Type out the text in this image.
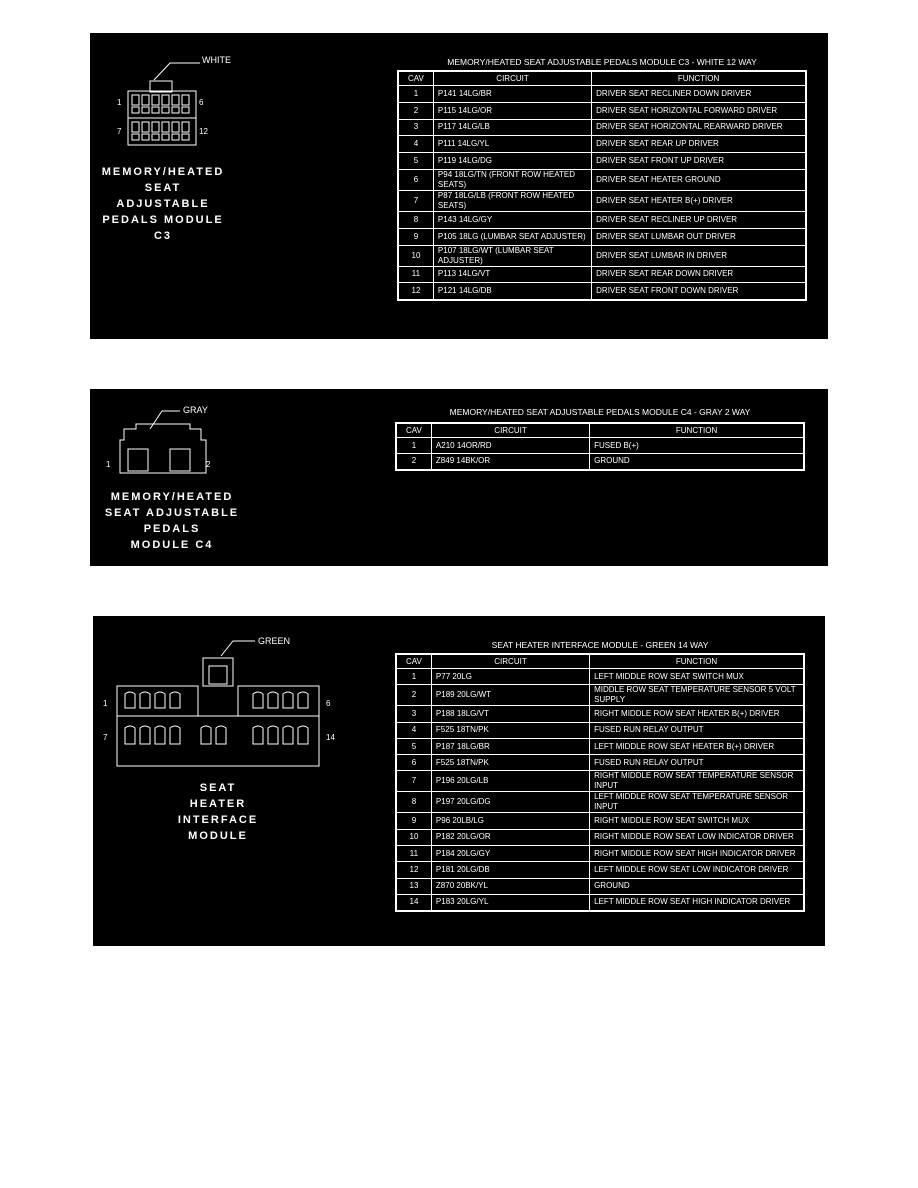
WHITE
1	6
7	12
MEMORY/HEATED
SEAT ADJUSTABLE
PEDALS MODULE C3
MEMORY/HEATED SEAT ADJUSTABLE PEDALS MODULE C3 - WHITE 12 WAY
CAV	CIRCUIT	FUNCTION
1	P141 14LG/BR	DRIVER SEAT RECLINER DOWN DRIVER
2	P115 14LG/OR	DRIVER SEAT HORIZONTAL FORWARD DRIVER
3	P117 14LG/LB	DRIVER SEAT HORIZONTAL REARWARD DRIVER
4	P111 14LG/YL	DRIVER SEAT REAR UP DRIVER
5	P119 14LG/DG	DRIVER SEAT FRONT UP DRIVER
6	P94 18LG/TN (FRONT ROW HEATED SEATS)	DRIVER SEAT HEATER GROUND
7	P87 18LG/LB (FRONT ROW HEATED SEATS)	DRIVER SEAT HEATER B(+) DRIVER
8	P143 14LG/GY	DRIVER SEAT RECLINER UP DRIVER
9	P105 18LG (LUMBAR SEAT ADJUSTER)	DRIVER SEAT LUMBAR OUT DRIVER
10	P107 18LG/WT (LUMBAR SEAT ADJUSTER)	DRIVER SEAT LUMBAR IN DRIVER
11	P113 14LG/VT	DRIVER SEAT REAR DOWN DRIVER
12	P121 14LG/DB	DRIVER SEAT FRONT DOWN DRIVER
GRAY
1	2
MEMORY/HEATED
SEAT ADJUSTABLE
PEDALS
MODULE C4
MEMORY/HEATED SEAT ADJUSTABLE PEDALS MODULE C4 - GRAY 2 WAY
CAV	CIRCUIT	FUNCTION
1	A210 14OR/RD	FUSED B(+)
2	Z849 14BK/OR	GROUND
GREEN
1	6
7	14
SEAT
HEATER
INTERFACE
MODULE
SEAT HEATER INTERFACE MODULE - GREEN 14 WAY
CAV	CIRCUIT	FUNCTION
1	P77 20LG	LEFT MIDDLE ROW SEAT SWITCH MUX
2	P189 20LG/WT	MIDDLE ROW SEAT TEMPERATURE SENSOR 5 VOLT SUPPLY
3	P188 18LG/VT	RIGHT MIDDLE ROW SEAT HEATER B(+) DRIVER
4	F525 18TN/PK	FUSED RUN RELAY OUTPUT
5	P187 18LG/BR	LEFT MIDDLE ROW SEAT HEATER B(+) DRIVER
6	F525 18TN/PK	FUSED RUN RELAY OUTPUT
7	P196 20LG/LB	RIGHT MIDDLE ROW SEAT TEMPERATURE SENSOR INPUT
8	P197 20LG/DG	LEFT MIDDLE ROW SEAT TEMPERATURE SENSOR INPUT
9	P96 20LB/LG	RIGHT MIDDLE ROW SEAT SWITCH MUX
10	P182 20LG/OR	RIGHT MIDDLE ROW SEAT LOW INDICATOR DRIVER
11	P184 20LG/GY	RIGHT MIDDLE ROW SEAT HIGH INDICATOR DRIVER
12	P181 20LG/DB	LEFT MIDDLE ROW SEAT LOW INDICATOR DRIVER
13	Z870 20BK/YL	GROUND
14	P183 20LG/YL	LEFT MIDDLE ROW SEAT HIGH INDICATOR DRIVER
